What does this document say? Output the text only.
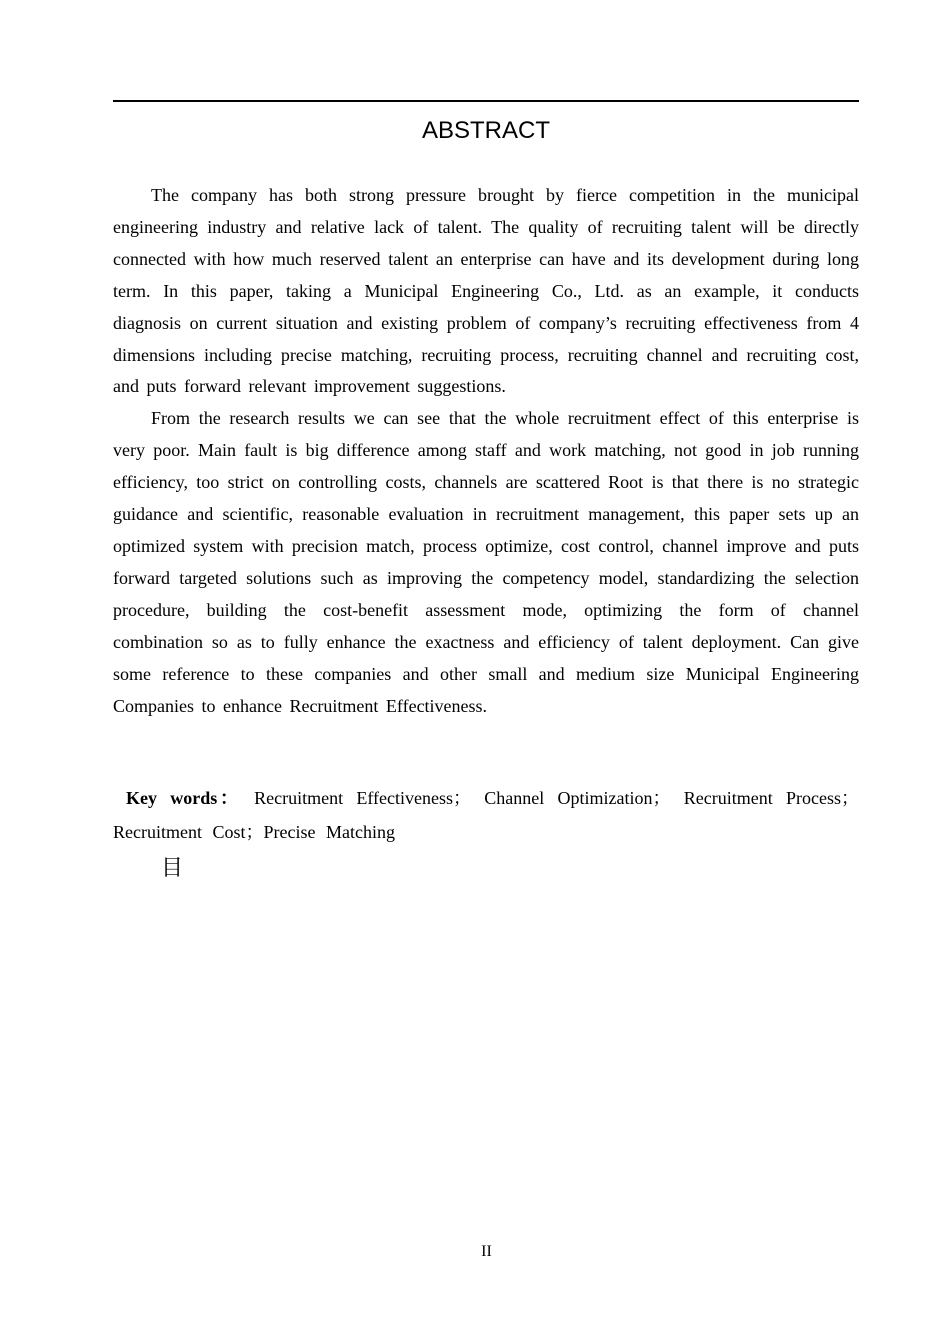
ABSTRACT

The company has both strong pressure brought by fierce competition in the municipal engineering industry and relative lack of talent. The quality of recruiting talent will be directly connected with how much reserved talent an enterprise can have and its development during long term. In this paper, taking a Municipal Engineering Co., Ltd. as an example, it conducts diagnosis on current situation and existing problem of company’s recruiting effectiveness from 4 dimensions including precise matching, recruiting process, recruiting channel and recruiting cost, and puts forward relevant improvement suggestions.

From the research results we can see that the whole recruitment effect of this enterprise is very poor. Main fault is big difference among staff and work matching, not good in job running efficiency, too strict on controlling costs, channels are scattered Root is that there is no strategic guidance and scientific, reasonable evaluation in recruitment management, this paper sets up an optimized system with precision match, process optimize, cost control, channel improve and puts forward targeted solutions such as improving the competency model, standardizing the selection procedure, building the cost-benefit assessment mode, optimizing the form of channel combination so as to fully enhance the exactness and efficiency of talent deployment. Can give some reference to these companies and other small and medium size Municipal Engineering Companies to enhance Recruitment Effectiveness.

Key words： Recruitment Effectiveness； Channel Optimization； Recruitment Process； Recruitment Cost；Precise Matching
目
II
